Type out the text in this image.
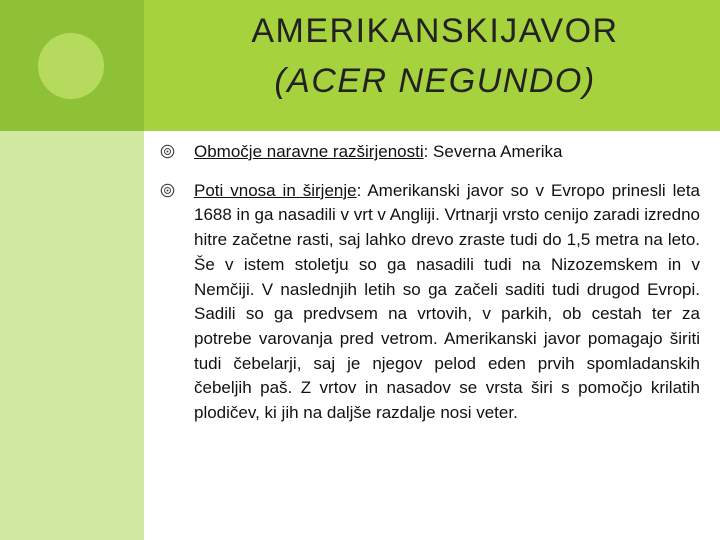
AMERIKANSKIJAVOR
(ACER NEGUNDO)
Območje naravne razširjenosti: Severna Amerika
Poti vnosa in širjenje: Amerikanski javor so v Evropo prinesli leta 1688 in ga nasadili v vrt v Angliji. Vrtnarji vrsto cenijo zaradi izredno hitre začetne rasti, saj lahko drevo zraste tudi do 1,5 metra na leto. Še v istem stoletju so ga nasadili tudi na Nizozemskem in v Nemčiji. V naslednjih letih so ga začeli saditi tudi drugod Evropi. Sadili so ga predvsem na vrtovih, v parkih, ob cestah ter za potrebe varovanja pred vetrom. Amerikanski javor pomagajo širiti tudi čebelarji, saj je njegov pelod eden prvih spomladanskih čebeljih paš. Z vrtov in nasadov se vrsta širi s pomočjo krilatih plodičev, ki jih na daljše razdalje nosi veter.
